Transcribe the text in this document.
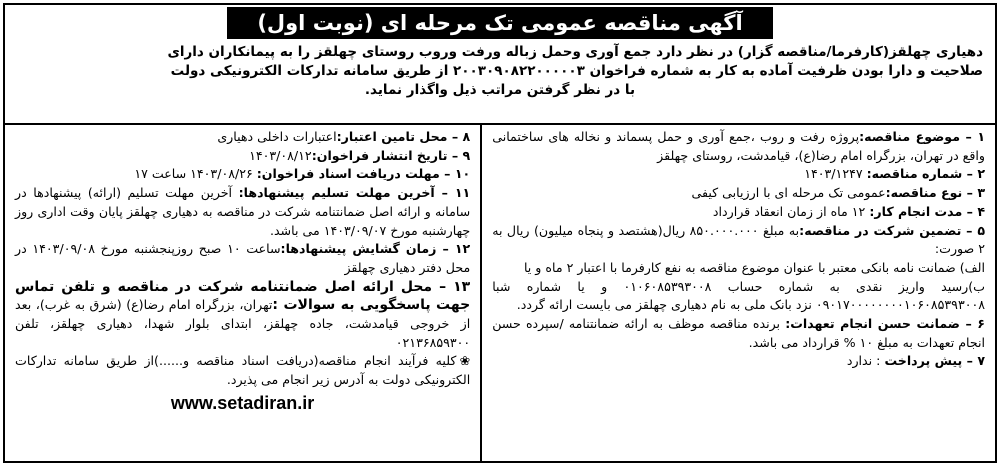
آگهی مناقصه عمومی تک مرحله ای (نوبت اول)
دهیاری چهلقز(کارفرما/مناقصه گزار) در نظر دارد جمع آوری وحمل زباله ورفت وروب روستای چهلقز را به پیمانکاران دارای
صلاحیت و دارا بودن ظرفیت آماده به کار به شماره فراخوان ۲۰۰۳۰۹۰۸۲۲۰۰۰۰۰۳ از طریق سامانه تدارکات الکترونیکی دولت
با در نظر گرفتن مراتب ذیل واگذار نماید.

۱ – موضوع مناقصه:پروژه رفت و روب ،جمع آوری و حمل پسماند و نخاله های ساختمانی واقع در تهران، بزرگراه امام رضا(ع)، قیامدشت، روستای چهلقز

۲ – شماره مناقصه: ۱۴۰۳/۱۲۴۷

۳ – نوع مناقصه:عمومی تک مرحله ای با ارزیابی کیفی

۴ – مدت انجام کار: ۱۲ ماه از زمان انعقاد قرارداد

۵ – تضمین شرکت در مناقصه:به مبلغ ۸۵۰.۰۰۰.۰۰۰ ریال(هشتصد و پنجاه میلیون) ریال به ۲ صورت:

الف) ضمانت نامه بانکی معتبر با عنوان موضوع مناقصه به نفع کارفرما با اعتبار ۲ ماه و یا

ب)رسید واریز نقدی به شماره حساب ۰۱۰۶۰۸۵۳۹۳۰۰۸ و یا شماره شبا ۰۹۰۱۷۰۰۰۰۰۰۰۰۱۰۶۰۸۵۳۹۳۰۰۸ نزد بانک ملی به نام دهیاری چهلقز می بایست ارائه گردد.

۶ – ضمانت حسن انجام تعهدات: برنده مناقصه موظف به ارائه ضمانتنامه /سپرده حسن انجام تعهدات به مبلغ ۱۰ % قرارداد می باشد.

۷ – پیش پرداخت : ندارد

۸ – محل تامین اعتبار:اعتبارات داخلی دهیاری

۹ – تاریخ انتشار فراخوان:۱۴۰۳/۰۸/۱۲

۱۰ – مهلت دریافت اسناد فراخوان: ۱۴۰۳/۰۸/۲۶ ساعت ۱۷

۱۱ – آخرین مهلت تسلیم پیشنهادها: آخرین مهلت تسلیم (ارائه) پیشنهادها در سامانه و ارائه اصل ضمانتنامه شرکت در مناقصه به دهیاری چهلقز پایان وقت اداری روز چهارشنبه مورخ ۱۴۰۳/۰۹/۰۷ می باشد.

۱۲ – زمان گشایش پیشنهادها:ساعت ۱۰ صبح روزپنجشنبه مورخ ۱۴۰۳/۰۹/۰۸ در محل دفتر دهیاری چهلقز

۱۳ – محل ارائه اصل ضمانتنامه شرکت در مناقصه و تلفن تماس جهت پاسخگویی به سوالات :تهران، بزرگراه امام رضا(ع) (شرق به غرب)، بعد از خروجی قیامدشت، جاده چهلقز، ابتدای بلوار شهدا، دهیاری چهلقز، تلفن ۰۲۱۳۶۸۵۹۳۰۰

❀کلیه فرآیند انجام مناقصه(دریافت اسناد مناقصه و......)از طریق سامانه تدارکات الکترونیکی دولت به آدرس زیر انجام می پذیرد.

www.setadiran.ir
